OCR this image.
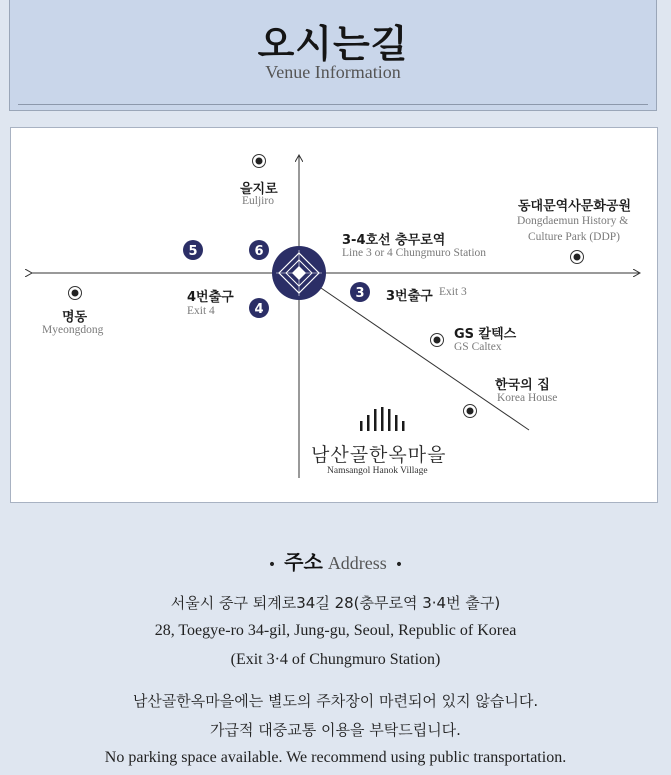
오시는길
Venue Information
5	6
4
3
을지로
Euljiro	동대문역사문화공원
Dongdaemun History &
Culture Park (DDP)
3-4호선 충무로역
Line 3 or 4 Chungmuro Station
명동
Myeongdong
4번출구
Exit 4
3번출구 Exit 3
GS 칼텍스
GS Caltex
한국의 집
Korea House
남산골한옥마을
Namsangol Hanok Village
• 주소 Address •
서울시 중구 퇴계로34길 28(충무로역 3·4번 출구)
28, Toegye-ro 34-gil, Jung-gu, Seoul, Republic of Korea
(Exit 3·4 of Chungmuro Station)
남산골한옥마을에는 별도의 주차장이 마련되어 있지 않습니다.
가급적 대중교통 이용을 부탁드립니다.
No parking space available. We recommend using public transportation.
